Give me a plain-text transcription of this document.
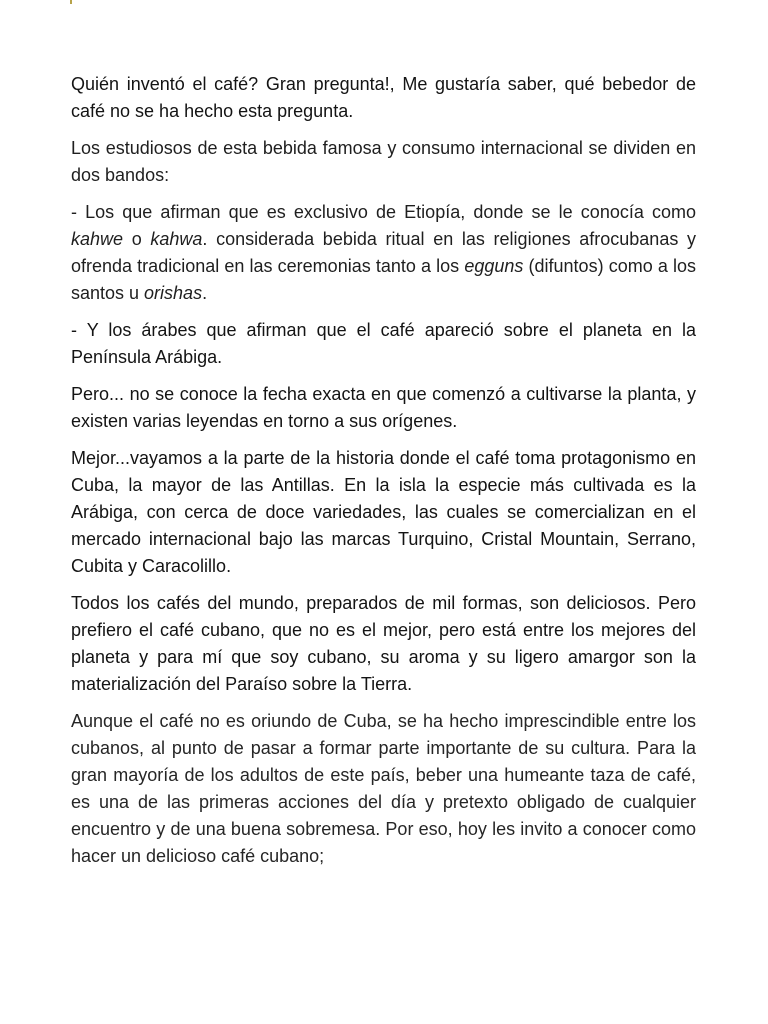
Quién inventó el café? Gran pregunta!, Me gustaría saber, qué bebedor de café no se ha hecho esta pregunta.

Los estudiosos de esta bebida famosa y consumo internacional se dividen en dos bandos:

- Los que afirman que es exclusivo de Etiopía, donde se le conocía como kahwe o kahwa. considerada bebida ritual en las religiones afrocubanas y ofrenda tradicional en las ceremonias tanto a los egguns (difuntos) como a los santos u orishas.

- Y los árabes que afirman que el café apareció sobre el planeta en la Península Arábiga.

Pero... no se conoce la fecha exacta en que comenzó a cultivarse la planta, y existen varias leyendas en torno a sus orígenes.

Mejor...vayamos a la parte de la historia donde el café toma protagonismo en Cuba, la mayor de las Antillas. En la isla la especie más cultivada es la Arábiga, con cerca de doce variedades, las cuales se comercializan en el mercado internacional bajo las marcas Turquino, Cristal Mountain, Serrano, Cubita y Caracolillo.

Todos los cafés del mundo, preparados de mil formas, son deliciosos. Pero prefiero el café cubano, que no es el mejor, pero está entre los mejores del planeta y para mí que soy cubano, su aroma y su ligero amargor son la materialización del Paraíso sobre la Tierra.

Aunque el café no es oriundo de Cuba, se ha hecho imprescindible entre los cubanos, al punto de pasar a formar parte importante de su cultura. Para la gran mayoría de los adultos de este país, beber una humeante taza de café, es una de las primeras acciones del día y pretexto obligado de cualquier encuentro y de una buena sobremesa. Por eso, hoy les invito a conocer como hacer un delicioso café cubano;
